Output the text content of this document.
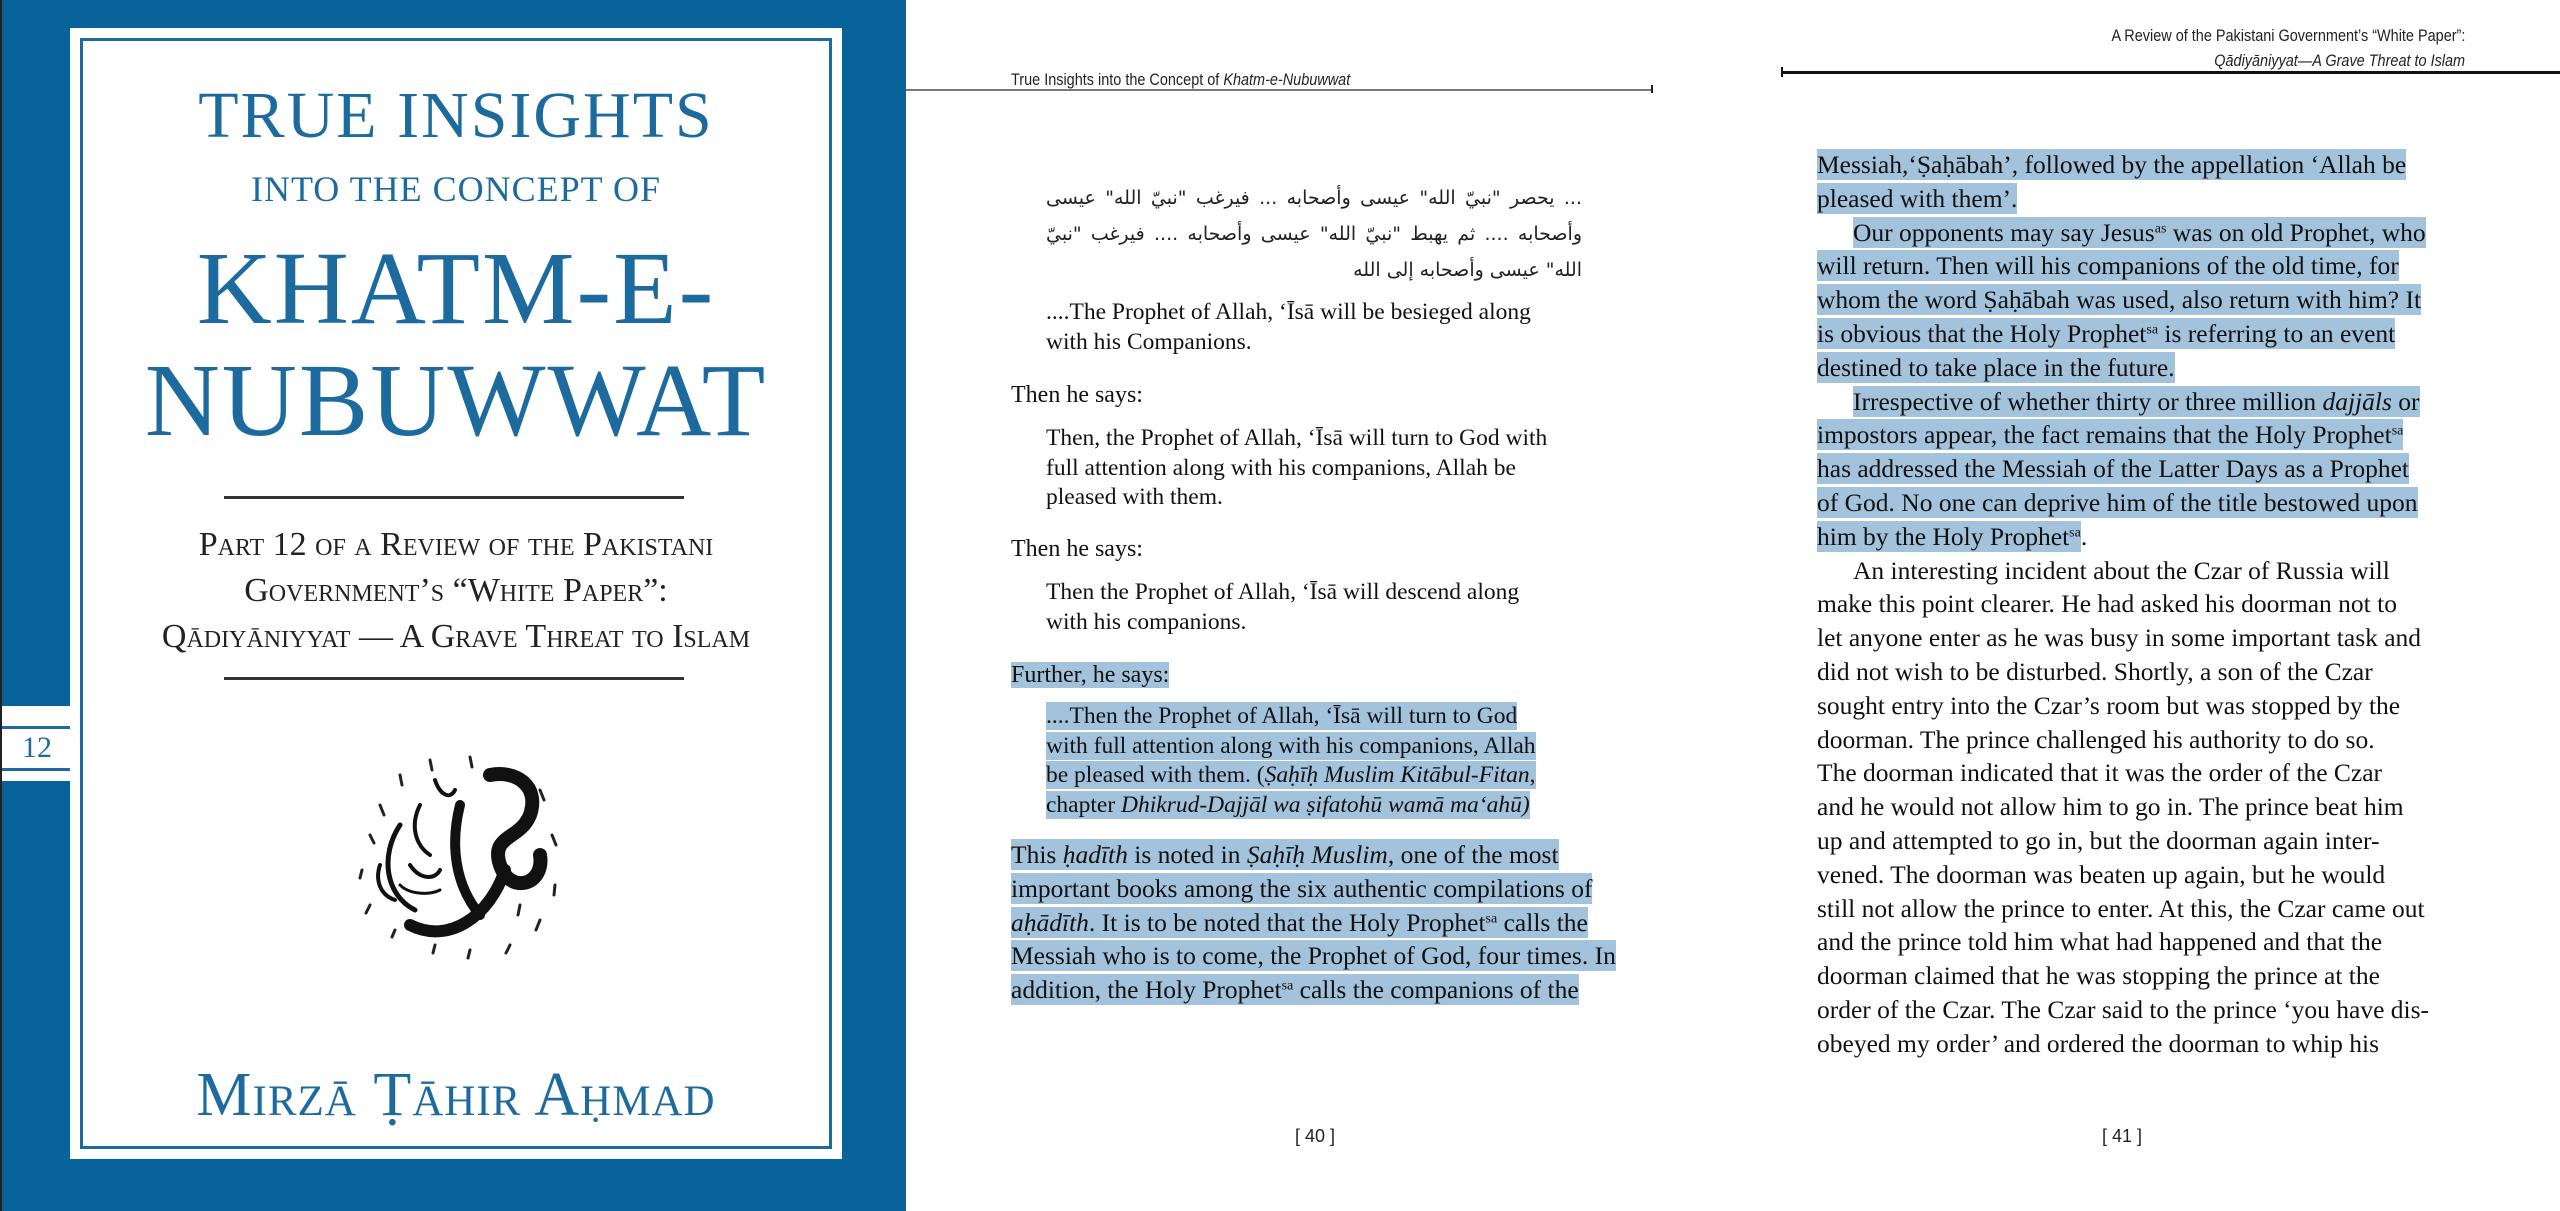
12
TRUE INSIGHTS
INTO THE CONCEPT OF
KHATM-E-
NUBUWWAT
Part 12 of a Review of the Pakistani
Government’s “White Paper”:
Qādiyāniyyat — A Grave Threat to Islam
Mirzā Ṭāhir Aḥmad
True Insights into the Concept of Khatm-e-Nubuwwat
... يحصر "نبيّ الله" عيسى وأصحابه ... فيرغب "نبيّ الله" عيسى وأصحابه .... ثم يهبط "نبيّ الله" عيسى وأصحابه .... فيرغب "نبيّ الله" عيسى وأصحابه إلى الله
....The Prophet of Allah, ‘Īsā will be besieged along
with his Companions.
Then he says:
Then, the Prophet of Allah, ‘Īsā will turn to God with
full attention along with his companions, Allah be
pleased with them.
Then he says:
Then the Prophet of Allah, ‘Īsā will descend along
with his companions.
Further, he says:
....Then the Prophet of Allah, ‘Īsā will turn to God
with full attention along with his companions, Allah
be pleased with them. (Ṣaḥīḥ Muslim Kitābul-Fitan,
chapter Dhikrud-Dajjāl wa ṣifatohū wamā ma‘ahū)
This ḥadīth is noted in Ṣaḥīḥ Muslim, one of the most
important books among the six authentic compilations of
aḥādīth. It is to be noted that the Holy Prophet$^{sa}$ calls the
Messiah who is to come, the Prophet of God, four times. In
addition, the Holy Prophet$^{sa}$ calls the companions of the
[ 40 ]
A Review of the Pakistani Government’s “White Paper”:
Qādiyāniyyat—A Grave Threat to Islam

Messiah,‘Ṣaḥābah’, followed by the appellation ‘Allah be
pleased with them’.

Our opponents may say Jesus$^{as}$ was on old Prophet, who
will return. Then will his companions of the old time, for
whom the word Ṣaḥābah was used, also return with him? It
is obvious that the Holy Prophet$^{sa}$ is referring to an event
destined to take place in the future.

Irrespective of whether thirty or three million dajjāls or
impostors appear, the fact remains that the Holy Prophet$^{sa}$
has addressed the Messiah of the Latter Days as a Prophet
of God. No one can deprive him of the title bestowed upon
him by the Holy Prophet$^{sa}$.

An interesting incident about the Czar of Russia will
make this point clearer. He had asked his doorman not to
let anyone enter as he was busy in some important task and
did not wish to be disturbed. Shortly, a son of the Czar
sought entry into the Czar’s room but was stopped by the
doorman. The prince challenged his authority to do so.
The doorman indicated that it was the order of the Czar
and he would not allow him to go in. The prince beat him
up and attempted to go in, but the doorman again inter-
vened. The doorman was beaten up again, but he would
still not allow the prince to enter. At this, the Czar came out
and the prince told him what had happened and that the
doorman claimed that he was stopping the prince at the
order of the Czar. The Czar said to the prince ‘you have dis-
obeyed my order’ and ordered the doorman to whip his

[ 41 ]
